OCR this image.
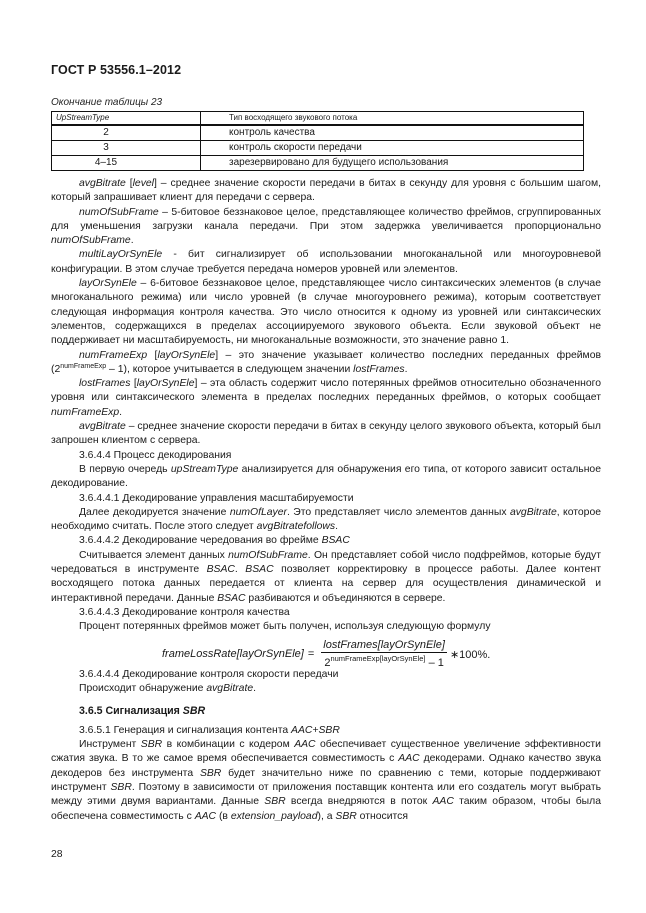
ГОСТ Р 53556.1–2012
Окончание таблицы 23
UpStreamType	Тип восходящего звукового потока
2	контроль качества
3	контроль скорости передачи
4–15	зарезервировано для будущего использования

avgBitrate [level] – среднее значение скорости передачи в битах в секунду для уровня с большим шагом, который запрашивает клиент для передачи с сервера.

numOfSubFrame – 5-битовое беззнаковое целое, представляющее количество фреймов, сгруппированных для уменьшения загрузки канала передачи. При этом задержка увеличивается пропорционально numOfSubFrame.

multiLayOrSynEle - бит сигнализирует об использовании многоканальной или многоуровневой конфигурации. В этом случае требуется передача номеров уровней или элементов.

layOrSynEle – 6-битовое беззнаковое целое, представляющее число синтаксических элементов (в случае многоканального режима) или число уровней (в случае многоуровнего режима), которым соответствует следующая информация контроля качества. Это число относится к одному из уровней или синтаксических элементов, содержащихся в пределах ассоциируемого звукового объекта. Если звуковой объект не поддерживает ни масштабируемость, ни многоканальные возможности, это значение равно 1.

numFrameExp [layOrSynEle] – это значение указывает количество последних переданных фреймов $(2^{numFrameExp} - 1)$, которое учитывается в следующем значении lostFrames.

lostFrames [layOrSynEle] – эта область содержит число потерянных фреймов относительно обозначенного уровня или синтаксического элемента в пределах последних переданных фреймов, о которых сообщает numFrameExp.

avgBitrate – среднее значение скорости передачи в битах в секунду целого звукового объекта, который был запрошен клиентом с сервера.

3.6.4.4 Процесс декодирования

В первую очередь upStreamType анализируется для обнаружения его типа, от которого зависит остальное декодирование.

3.6.4.4.1 Декодирование управления масштабируемости

Далее декодируется значение numOfLayer. Это представляет число элементов данных avgBitrate, которое необходимо считать. После этого следует avgBitratefollows.

3.6.4.4.2 Декодирование чередования во фрейме BSAC

Считывается элемент данных numOfSubFrame. Он представляет собой число подфреймов, которые будут чередоваться в инструменте BSAC. BSAC позволяет корректировку в процессе работы. Далее контент восходящего потока данных передается от клиента на сервер для осуществления динамической и интерактивной передачи. Данные BSAC разбиваются и объединяются в сервере.

3.6.4.4.3 Декодирование контроля качества

Процент потерянных фреймов может быть получен, используя следующую формулу

frameLossRate[layOrSynEle] = $\frac{\text{lostFrames[layOrSynEle]}}{2^{numFrameExp[layOrSynEle]} - 1}$ ∗100%.

3.6.4.4.4 Декодирование контроля скорости передачи

Происходит обнаружение avgBitrate.

3.6.5 Сигнализация SBR

3.6.5.1 Генерация и сигнализация контента AAC+SBR

Инструмент SBR в комбинации с кодером AAC обеспечивает существенное увеличение эффективности сжатия звука. В то же самое время обеспечивается совместимость с AAC декодерами. Однако качество звука декодеров без инструмента SBR будет значительно ниже по сравнению с теми, которые поддерживают инструмент SBR. Поэтому в зависимости от приложения поставщик контента или его создатель могут выбрать между этими двумя вариантами. Данные SBR всегда внедряются в поток AAC таким образом, чтобы была обеспечена совместимость с AAC (в extension_payload), а SBR относится

28
